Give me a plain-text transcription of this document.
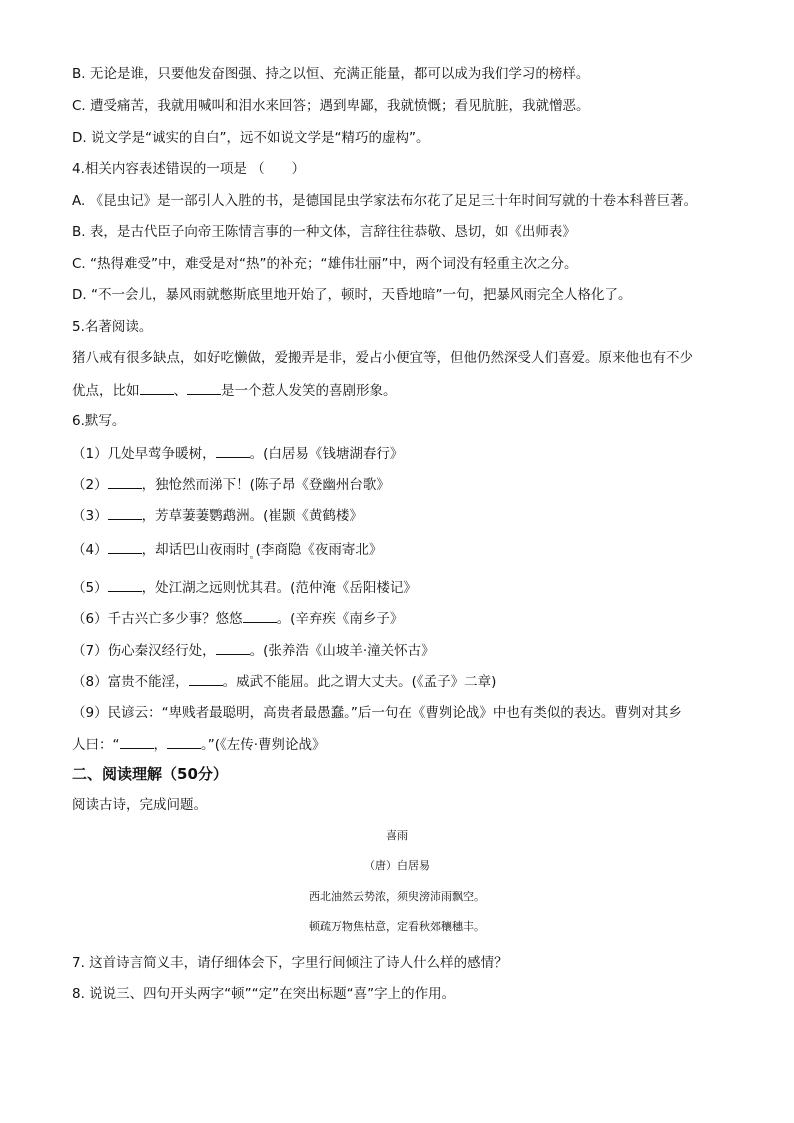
B. 无论是谁，只要他发奋图强、持之以恒、充满正能量，都可以成为我们学习的榜样。
C. 遭受痛苦，我就用喊叫和泪水来回答；遇到卑鄙，我就愤慨；看见肮脏，我就憎恶。
D. 说文学是“诚实的自白”，远不如说文学是“精巧的虚构”。
4.相关内容表述错误的一项是 （　　）
A. 《昆虫记》是一部引人入胜的书，是德国昆虫学家法布尔花了足足三十年时间写就的十卷本科普巨著。
B. 表，是古代臣子向帝王陈情言事的一种文体，言辞往往恭敬、恳切，如《出师表》
C. “热得难受”中，难受是对“热”的补充；“雄伟壮丽”中，两个词没有轻重主次之分。
D. “不一会儿，暴风雨就憋斯底里地开始了，顿时，天昏地暗”一句，把暴风雨完全人格化了。
5.名著阅读。
猪八戒有很多缺点，如好吃懒做，爱搬弄是非，爱占小便宜等，但他仍然深受人们喜爱。原来他也有不少
优点，比如	、	是一个惹人发笑的喜剧形象。
6.默写。
（1）几处早莺争暖树，	。(白居易《钱塘湖春行》
（2）	，独怆然而涕下！(陈子昂《登幽州台歌》
（3）	，芳草萋萋鹦鹉洲。(崔颢《黄鹤楼》
（4）	，却话巴山夜雨时。(李商隐《夜雨寄北》
（5）	，处江湖之远则忧其君。(范仲淹《岳阳楼记》
（6）千古兴亡多少事？悠悠	。(辛弃疾《南乡子》
（7）伤心秦汉经行处，	。(张养浩《山坡羊·潼关怀古》
（8）富贵不能淫，	。威武不能屈。此之谓大丈夫。(《孟子》二章)
（9）民谚云：“卑贱者最聪明，高贵者最愚蠢。”后一句在《曹刿论战》中也有类似的表达。曹刿对其乡
人曰：“	，	。”(《左传·曹刿论战》
二、阅读理解（50分）
阅读古诗，完成问题。
喜雨
（唐）白居易
西北油然云势浓，须臾滂沛雨飘空。
顿疏万物焦枯意，定看秋郊穰穗丰。
7. 这首诗言简义丰，请仔细体会下，字里行间倾注了诗人什么样的感情？
8. 说说三、四句开头两字“顿”“定”在突出标题“喜”字上的作用。
